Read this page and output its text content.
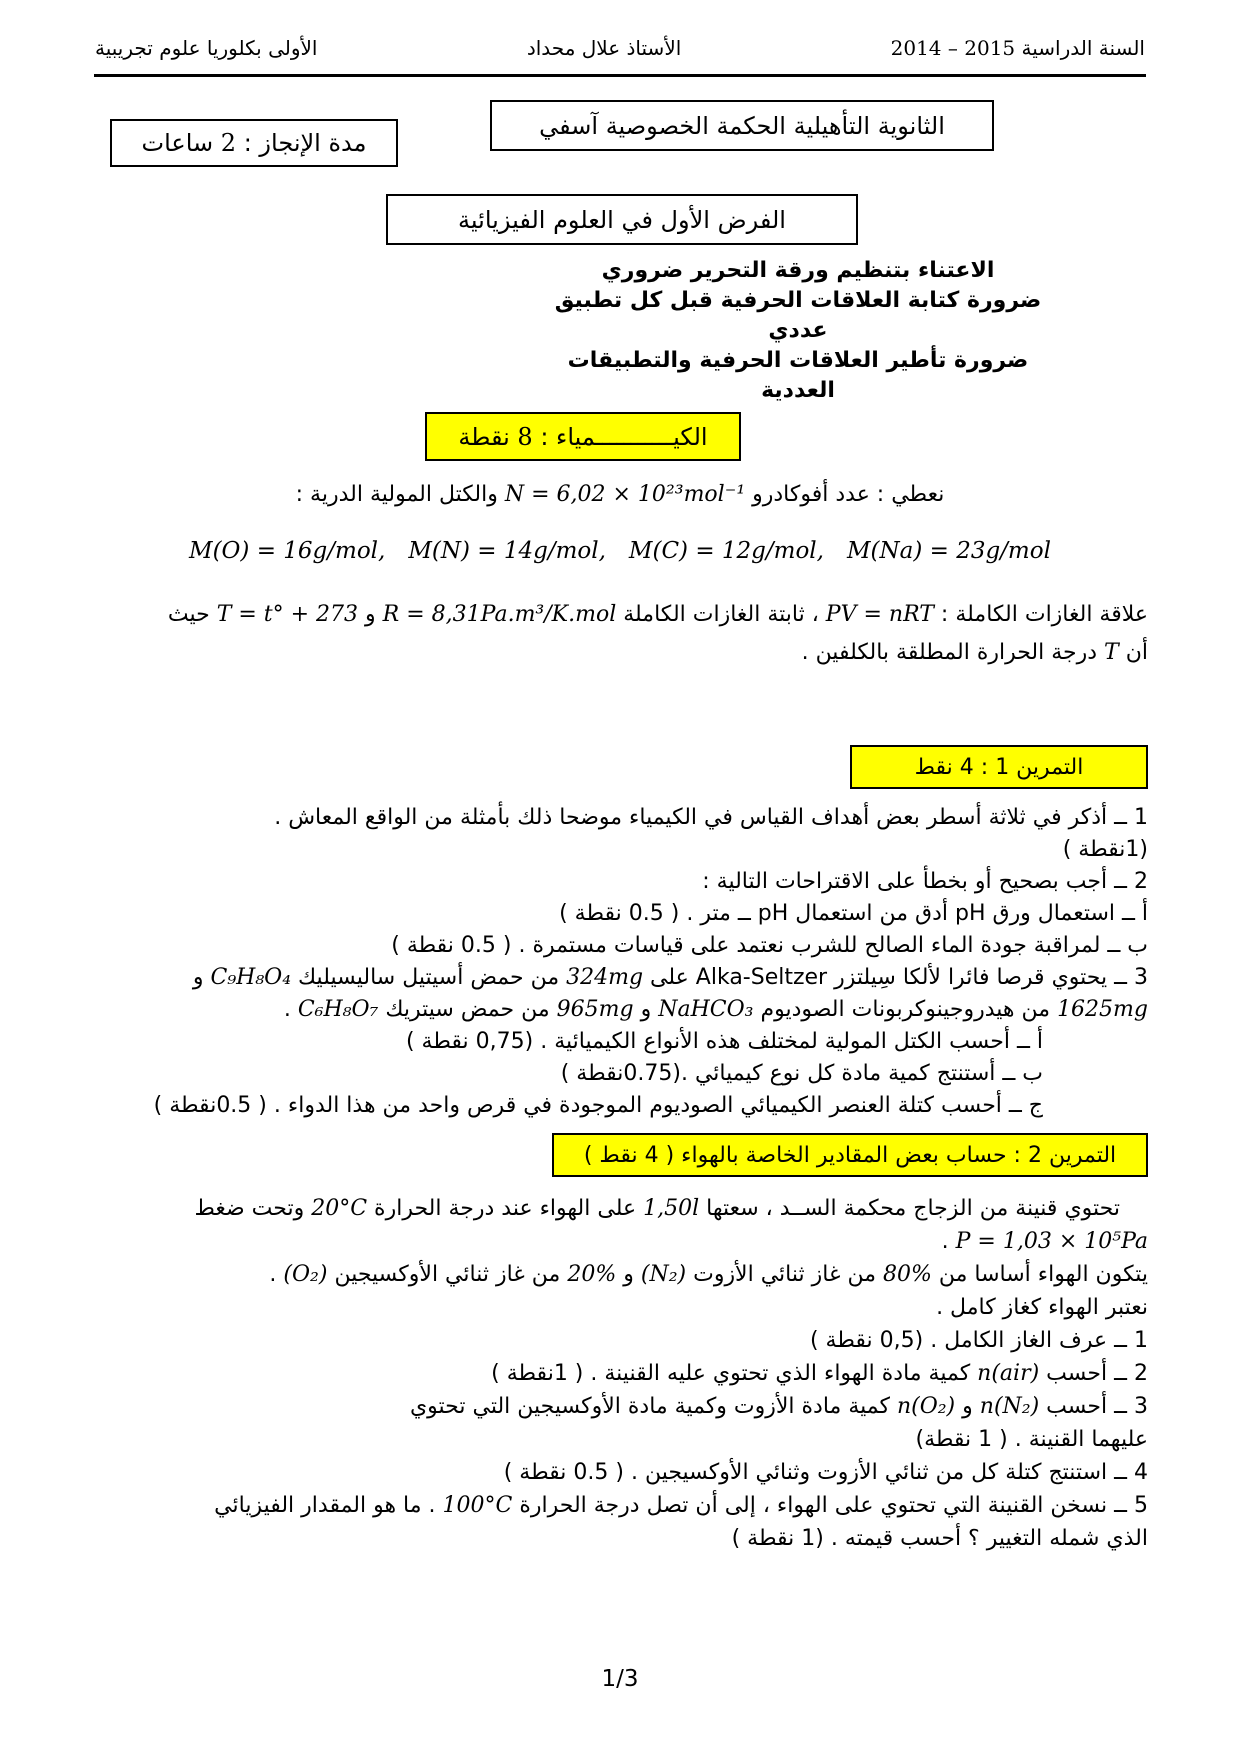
السنة الدراسية 2014 – 2015
الأستاذ علال محداد
الأولى بكلوريا علوم تجريبية
الثانوية التأهيلية الحكمة الخصوصية آسفي
مدة الإنجاز :

2

ساعات
الفرض الأول في العلوم الفيزيائية
الاعتناء بتنظيم ورقة التحرير ضروري
ضرورة كتابة العلاقات الحرفية قبل كل تطبيق عددي
ضرورة تأطير العلاقات الحرفية والتطبيقات العددية
الكيـــــــــــمياء :

8

نقطة
نعطي : عدد أفوكادرو N = 6,02 × 10²³mol⁻¹ والكتل المولية الدرية :
M(O) = 16g/mol, M(N) = 14g/mol, M(C) = 12g/mol, M(Na) = 23g/mol
علاقة الغازات الكاملة : PV = nRT ، ثابتة الغازات الكاملة R = 8,31Pa.m³/K.mol و T = t° + 273 حيث
أن T درجة الحرارة المطلقة بالكلفين .
التمرين 1 : 4 نقط
1 ــ أذكر في ثلاثة أسطر بعض أهداف القياس في الكيمياء موضحا ذلك بأمثلة من الواقع المعاش .
(1نقطة )
2 ــ أجب بصحيح أو بخطأ على الاقتراحات التالية :
أ ــ استعمال ورق pH أدق من استعمال pH ــ متر . ( 0.5 نقطة )
ب ــ لمراقبة جودة الماء الصالح للشرب نعتمد على قياسات مستمرة . ( 0.5 نقطة )
3 ــ يحتوي قرصا فائرا لألكا سِيلتزر Alka-Seltzer على 324mg من حمض أسيتيل ساليسيليك C₉H₈O₄ و
1625mg من هيدروجينوكربونات الصوديوم NaHCO₃ و 965mg من حمض سيتريك C₆H₈O₇ .
أ ــ أحسب الكتل المولية لمختلف هذه الأنواع الكيميائية . (0,75 نقطة )
ب ــ أستنتج كمية مادة كل نوع كيميائي .(0.75نقطة )
ج ــ أحسب كتلة العنصر الكيميائي الصوديوم الموجودة في قرص واحد من هذا الدواء . ( 0.5نقطة )
التمرين 2 : حساب بعض المقادير الخاصة بالهواء ( 4 نقط )
تحتوي قنينة من الزجاج محكمة الســد ، سعتها 1,50l على الهواء عند درجة الحرارة 20°C وتحت ضغط
P = 1,03 × 10⁵Pa .
يتكون الهواء أساسا من 80% من غاز ثنائي الأزوت (N₂) و 20% من غاز ثنائي الأوكسيجين (O₂) .
نعتبر الهواء كغاز كامل .
1 ــ عرف الغاز الكامل . (0,5 نقطة )
2 ــ أحسب n(air) كمية مادة الهواء الذي تحتوي عليه القنينة . ( 1نقطة )
3 ــ أحسب n(N₂) و n(O₂) كمية مادة الأزوت وكمية مادة الأوكسيجين التي تحتوي
عليهما القنينة . ( 1 نقطة)
4 ــ استنتج كتلة كل من ثنائي الأزوت وثنائي الأوكسيجين . ( 0.5 نقطة )
5 ــ نسخن القنينة التي تحتوي على الهواء ، إلى أن تصل درجة الحرارة 100°C . ما هو المقدار الفيزيائي
الذي شمله التغيير ؟ أحسب قيمته . (1 نقطة )
1/3
